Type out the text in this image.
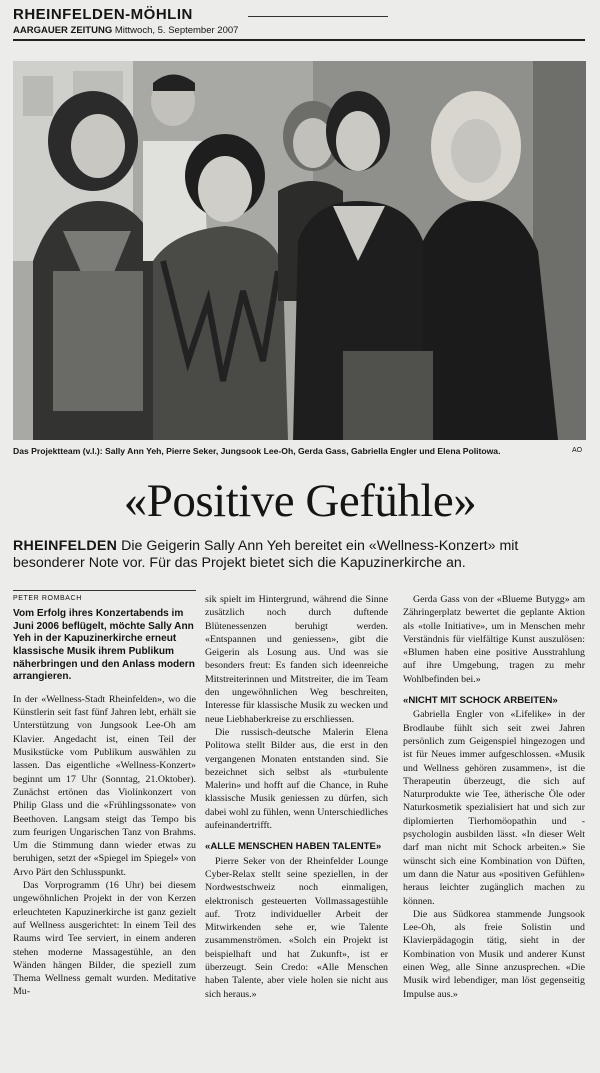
RHEINFELDEN-MÖHLIN
AARGAUER ZEITUNG Mittwoch, 5. September 2007
Das Projektteam (v.l.): Sally Ann Yeh, Pierre Seker, Jungsook Lee-Oh, Gerda Gass, Gabriella Engler und Elena Politowa.	AO
«Positive Gefühle»
RHEINFELDEN Die Geigerin Sally Ann Yeh bereitet ein «Wellness-Konzert» mit besonderer Note vor. Für das Projekt bietet sich die Kapuzinerkirche an.
PETER ROMBACH
Vom Erfolg ihres Konzertabends im Juni 2006 beflügelt, möchte Sally Ann Yeh in der Kapuzinerkirche erneut klassische Musik ihrem Publikum näherbringen und den Anlass modern arrangieren.

In der «Wellness-Stadt Rheinfelden», wo die Künstlerin seit fast fünf Jahren lebt, erhält sie Unterstützung von Jungsook Lee-Oh am Klavier. Angedacht ist, einen Teil der Musikstücke vom Publikum auswählen zu lassen. Das eigentliche «Wellness-Konzert» beginnt um 17 Uhr (Sonntag, 21.Oktober). Zunächst ertönen das Violinkonzert von Philip Glass und die «Frühlingssonate» von Beethoven. Langsam steigt das Tempo bis zum feurigen Ungarischen Tanz von Brahms. Um die Stimmung dann wieder etwas zu beruhigen, setzt der «Spiegel im Spiegel» von Arvo Pärt den Schlusspunkt.

Das Vorprogramm (16 Uhr) bei diesem ungewöhnlichen Projekt in der von Kerzen erleuchteten Kapuzinerkirche ist ganz gezielt auf Wellness ausgerichtet: In einem Teil des Raums wird Tee serviert, in einem anderen stehen moderne Massagestühle, an den Wänden hängen Bilder, die speziell zum Thema Wellness gemalt wurden. Meditative Mu-

sik spielt im Hintergrund, während die Sinne zusätzlich noch durch duftende Blütenessenzen beruhigt werden. «Entspannen und geniessen», gibt die Geigerin als Losung aus. Und was sie besonders freut: Es fanden sich ideenreiche Mitstreiterinnen und Mitstreiter, die im Team den ungewöhnlichen Weg beschreiten, Interesse für klassische Musik zu wecken und neue Liebhaberkreise zu erschliessen.

Die russisch-deutsche Malerin Elena Politowa stellt Bilder aus, die erst in den vergangenen Monaten entstanden sind. Sie bezeichnet sich selbst als «turbulente Malerin» und hofft auf die Chance, in Ruhe klassische Musik geniessen zu dürfen, sich dabei wohl zu fühlen, wenn Unterschiedliches aufeinandertrifft.

«ALLE MENSCHEN HABEN TALENTE»

Pierre Seker von der Rheinfelder Lounge Cyber-Relax stellt seine speziellen, in der Nordwestschweiz noch einmaligen, elektronisch gesteuerten Vollmassagestühle auf. Trotz individueller Arbeit der Mitwirkenden sehe er, wie Talente zusammenströmen. «Solch ein Projekt ist beispielhaft und hat Zukunft», ist er überzeugt. Sein Credo: «Alle Menschen haben Talente, aber viele holen sie nicht aus sich heraus.»

Gerda Gass von der «Blueme Butygg» am Zähringerplatz bewertet die geplante Aktion als «tolle Initiative», um in Menschen mehr Verständnis für vielfältige Kunst auszulösen: «Blumen haben eine positive Ausstrahlung auf ihre Umgebung, tragen zu mehr Wohlbefinden bei.»

«NICHT MIT SCHOCK ARBEITEN»

Gabriella Engler von «Lifelike» in der Brodlaube fühlt sich seit zwei Jahren persönlich zum Geigenspiel hingezogen und ist für Neues immer aufgeschlossen. «Musik und Wellness gehören zusammen», ist die Therapeutin überzeugt, die sich auf Naturprodukte wie Tee, ätherische Öle oder Naturkosmetik spezialisiert hat und sich zur diplomierten Tierhomöopathin und -psychologin ausbilden lässt. «In dieser Welt darf man nicht mit Schock arbeiten.» Sie wünscht sich eine Kombination von Düften, um dann die Natur aus «positiven Gefühlen» heraus leichter zugänglich machen zu können.

Die aus Südkorea stammende Jungsook Lee-Oh, als freie Solistin und Klavierpädagogin tätig, sieht in der Kombination von Musik und anderer Kunst einen Weg, alle Sinne anzusprechen. «Die Musik wird lebendiger, man löst gegenseitig Impulse aus.»
